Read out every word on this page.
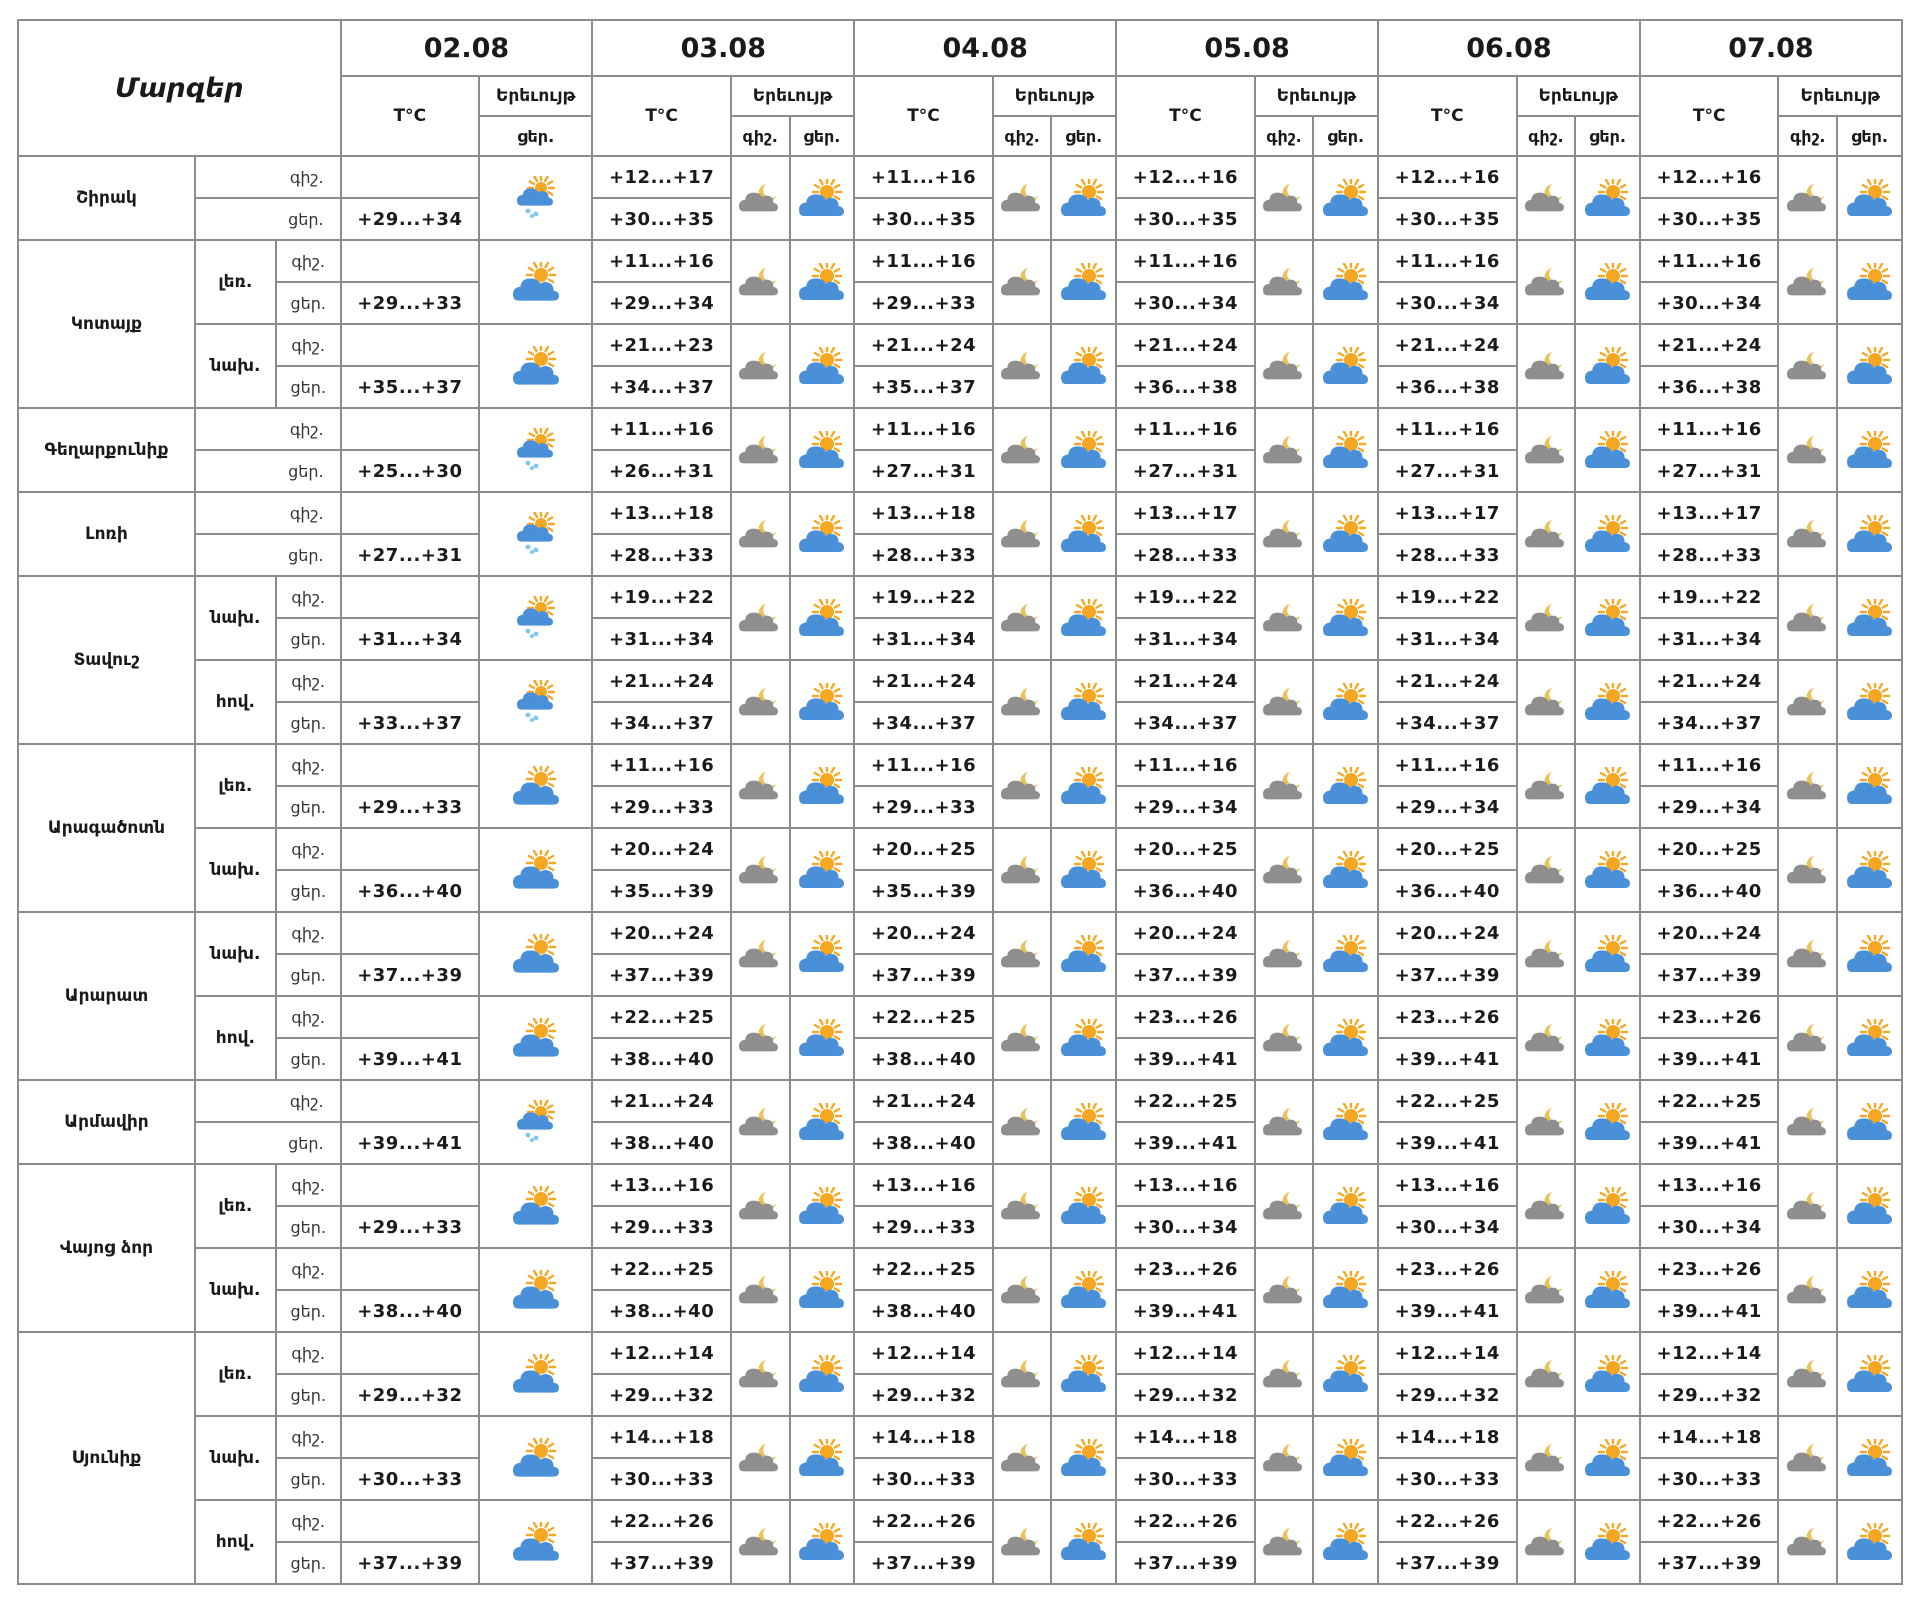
Մարզեր			02.08		03.08			04.08			05.08			06.08			07.08		
			T°C	Երեւույթ	T°C	Երեւույթ		T°C	Երեւույթ		T°C	Երեւույթ		T°C	Երեւույթ		T°C	Երեւույթ	
				ցեր.		գիշ.	ցեր.		գիշ.	ցեր.		գիշ.	ցեր.		գիշ.	ցեր.		գիշ.	ցեր.
Շիրակ	գիշ.				+12...+17			+11...+16			+12...+16			+12...+16			+12...+16	

	ցեր.		+29...+34		+30...+35			+30...+35			+30...+35			+30...+35			+30...+35		
Կոտայք	լեռ.	գիշ.			+11...+16			+11...+16			+11...+16			+11...+16			+11...+16	

		ցեր.	+29...+33		+29...+34			+29...+33			+30...+34			+30...+34			+30...+34		
	նախ.	գիշ.			+21...+23			+21...+24			+21...+24			+21...+24			+21...+24	

		ցեր.	+35...+37		+34...+37			+35...+37			+36...+38			+36...+38			+36...+38		
Գեղարքունիք	գիշ.				+11...+16			+11...+16			+11...+16			+11...+16			+11...+16	

	ցեր.		+25...+30		+26...+31			+27...+31			+27...+31			+27...+31			+27...+31		
Լոռի	գիշ.				+13...+18			+13...+18			+13...+17			+13...+17			+13...+17	

	ցեր.		+27...+31		+28...+33			+28...+33			+28...+33			+28...+33			+28...+33		
Տավուշ	նախ.	գիշ.			+19...+22			+19...+22			+19...+22			+19...+22			+19...+22	

		ցեր.	+31...+34		+31...+34			+31...+34			+31...+34			+31...+34			+31...+34		
	հով.	գիշ.			+21...+24			+21...+24			+21...+24			+21...+24			+21...+24	

		ցեր.	+33...+37		+34...+37			+34...+37			+34...+37			+34...+37			+34...+37		
Արագածոտն	լեռ.	գիշ.			+11...+16			+11...+16			+11...+16			+11...+16			+11...+16	

		ցեր.	+29...+33		+29...+33			+29...+33			+29...+34			+29...+34			+29...+34		
	նախ.	գիշ.			+20...+24			+20...+25			+20...+25			+20...+25			+20...+25	

		ցեր.	+36...+40		+35...+39			+35...+39			+36...+40			+36...+40			+36...+40		
Արարատ	նախ.	գիշ.			+20...+24			+20...+24			+20...+24			+20...+24			+20...+24	

		ցեր.	+37...+39		+37...+39			+37...+39			+37...+39			+37...+39			+37...+39		
	հով.	գիշ.			+22...+25			+22...+25			+23...+26			+23...+26			+23...+26	

		ցեր.	+39...+41		+38...+40			+38...+40			+39...+41			+39...+41			+39...+41		
Արմավիր	գիշ.				+21...+24			+21...+24			+22...+25			+22...+25			+22...+25	

	ցեր.		+39...+41		+38...+40			+38...+40			+39...+41			+39...+41			+39...+41		
Վայոց ձոր	լեռ.	գիշ.			+13...+16			+13...+16			+13...+16			+13...+16			+13...+16	

		ցեր.	+29...+33		+29...+33			+29...+33			+30...+34			+30...+34			+30...+34		
	նախ.	գիշ.			+22...+25			+22...+25			+23...+26			+23...+26			+23...+26	

		ցեր.	+38...+40		+38...+40			+38...+40			+39...+41			+39...+41			+39...+41		
Սյունիք	լեռ.	գիշ.			+12...+14			+12...+14			+12...+14			+12...+14			+12...+14	

		ցեր.	+29...+32		+29...+32			+29...+32			+29...+32			+29...+32			+29...+32		
	նախ.	գիշ.			+14...+18			+14...+18			+14...+18			+14...+18			+14...+18	

		ցեր.	+30...+33		+30...+33			+30...+33			+30...+33			+30...+33			+30...+33		
	հով.	գիշ.			+22...+26			+22...+26			+22...+26			+22...+26			+22...+26	

		ցեր.	+37...+39		+37...+39			+37...+39			+37...+39			+37...+39			+37...+39		
